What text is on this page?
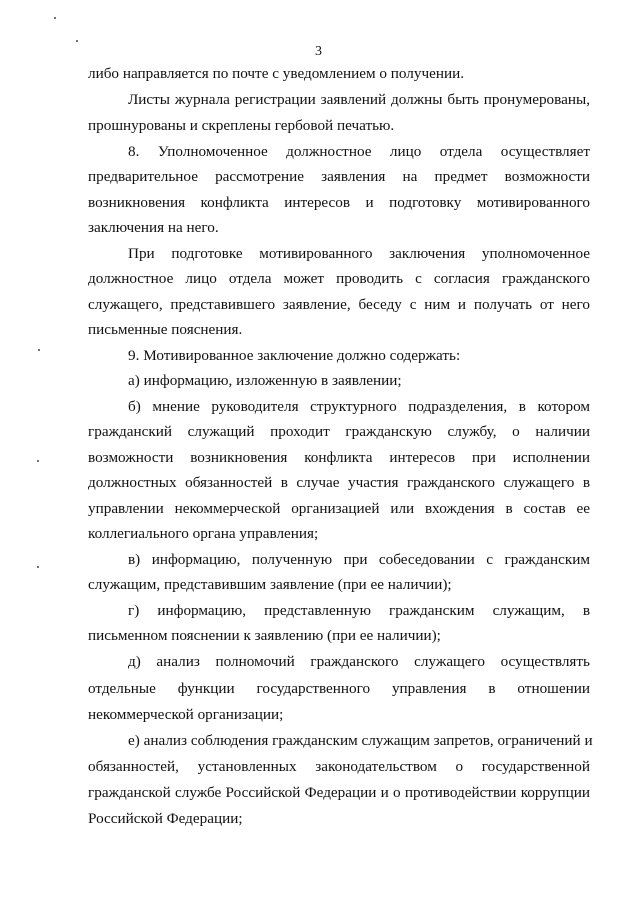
3
либо направляется по почте с уведомлением о получении.
Листы журнала регистрации заявлений должны быть пронумерованы,
прошнурованы и скреплены гербовой печатью.
8. Уполномоченное должностное лицо отдела осуществляет
предварительное рассмотрение заявления на предмет возможности
возникновения конфликта интересов и подготовку мотивированного
заключения на него.
При подготовке мотивированного заключения уполномоченное
должностное лицо отдела может проводить с согласия гражданского
служащего, представившего заявление, беседу с ним и получать от него
письменные пояснения.
9. Мотивированное заключение должно содержать:
а) информацию, изложенную в заявлении;
б) мнение руководителя структурного подразделения, в котором
гражданский служащий проходит гражданскую службу, о наличии
возможности возникновения конфликта интересов при исполнении
должностных обязанностей в случае участия гражданского служащего в
управлении некоммерческой организацией или вхождения в состав ее
коллегиального органа управления;
в) информацию, полученную при собеседовании с гражданским
служащим, представившим заявление (при ее наличии);
г) информацию, представленную гражданским служащим, в
письменном пояснении к заявлению (при ее наличии);
д) анализ полномочий гражданского служащего осуществлять
отдельные функции государственного управления в отношении
некоммерческой организации;
е) анализ соблюдения гражданским служащим запретов, ограничений и
обязанностей, установленных законодательством о государственной
гражданской службе Российской Федерации и о противодействии коррупции
Российской Федерации;
